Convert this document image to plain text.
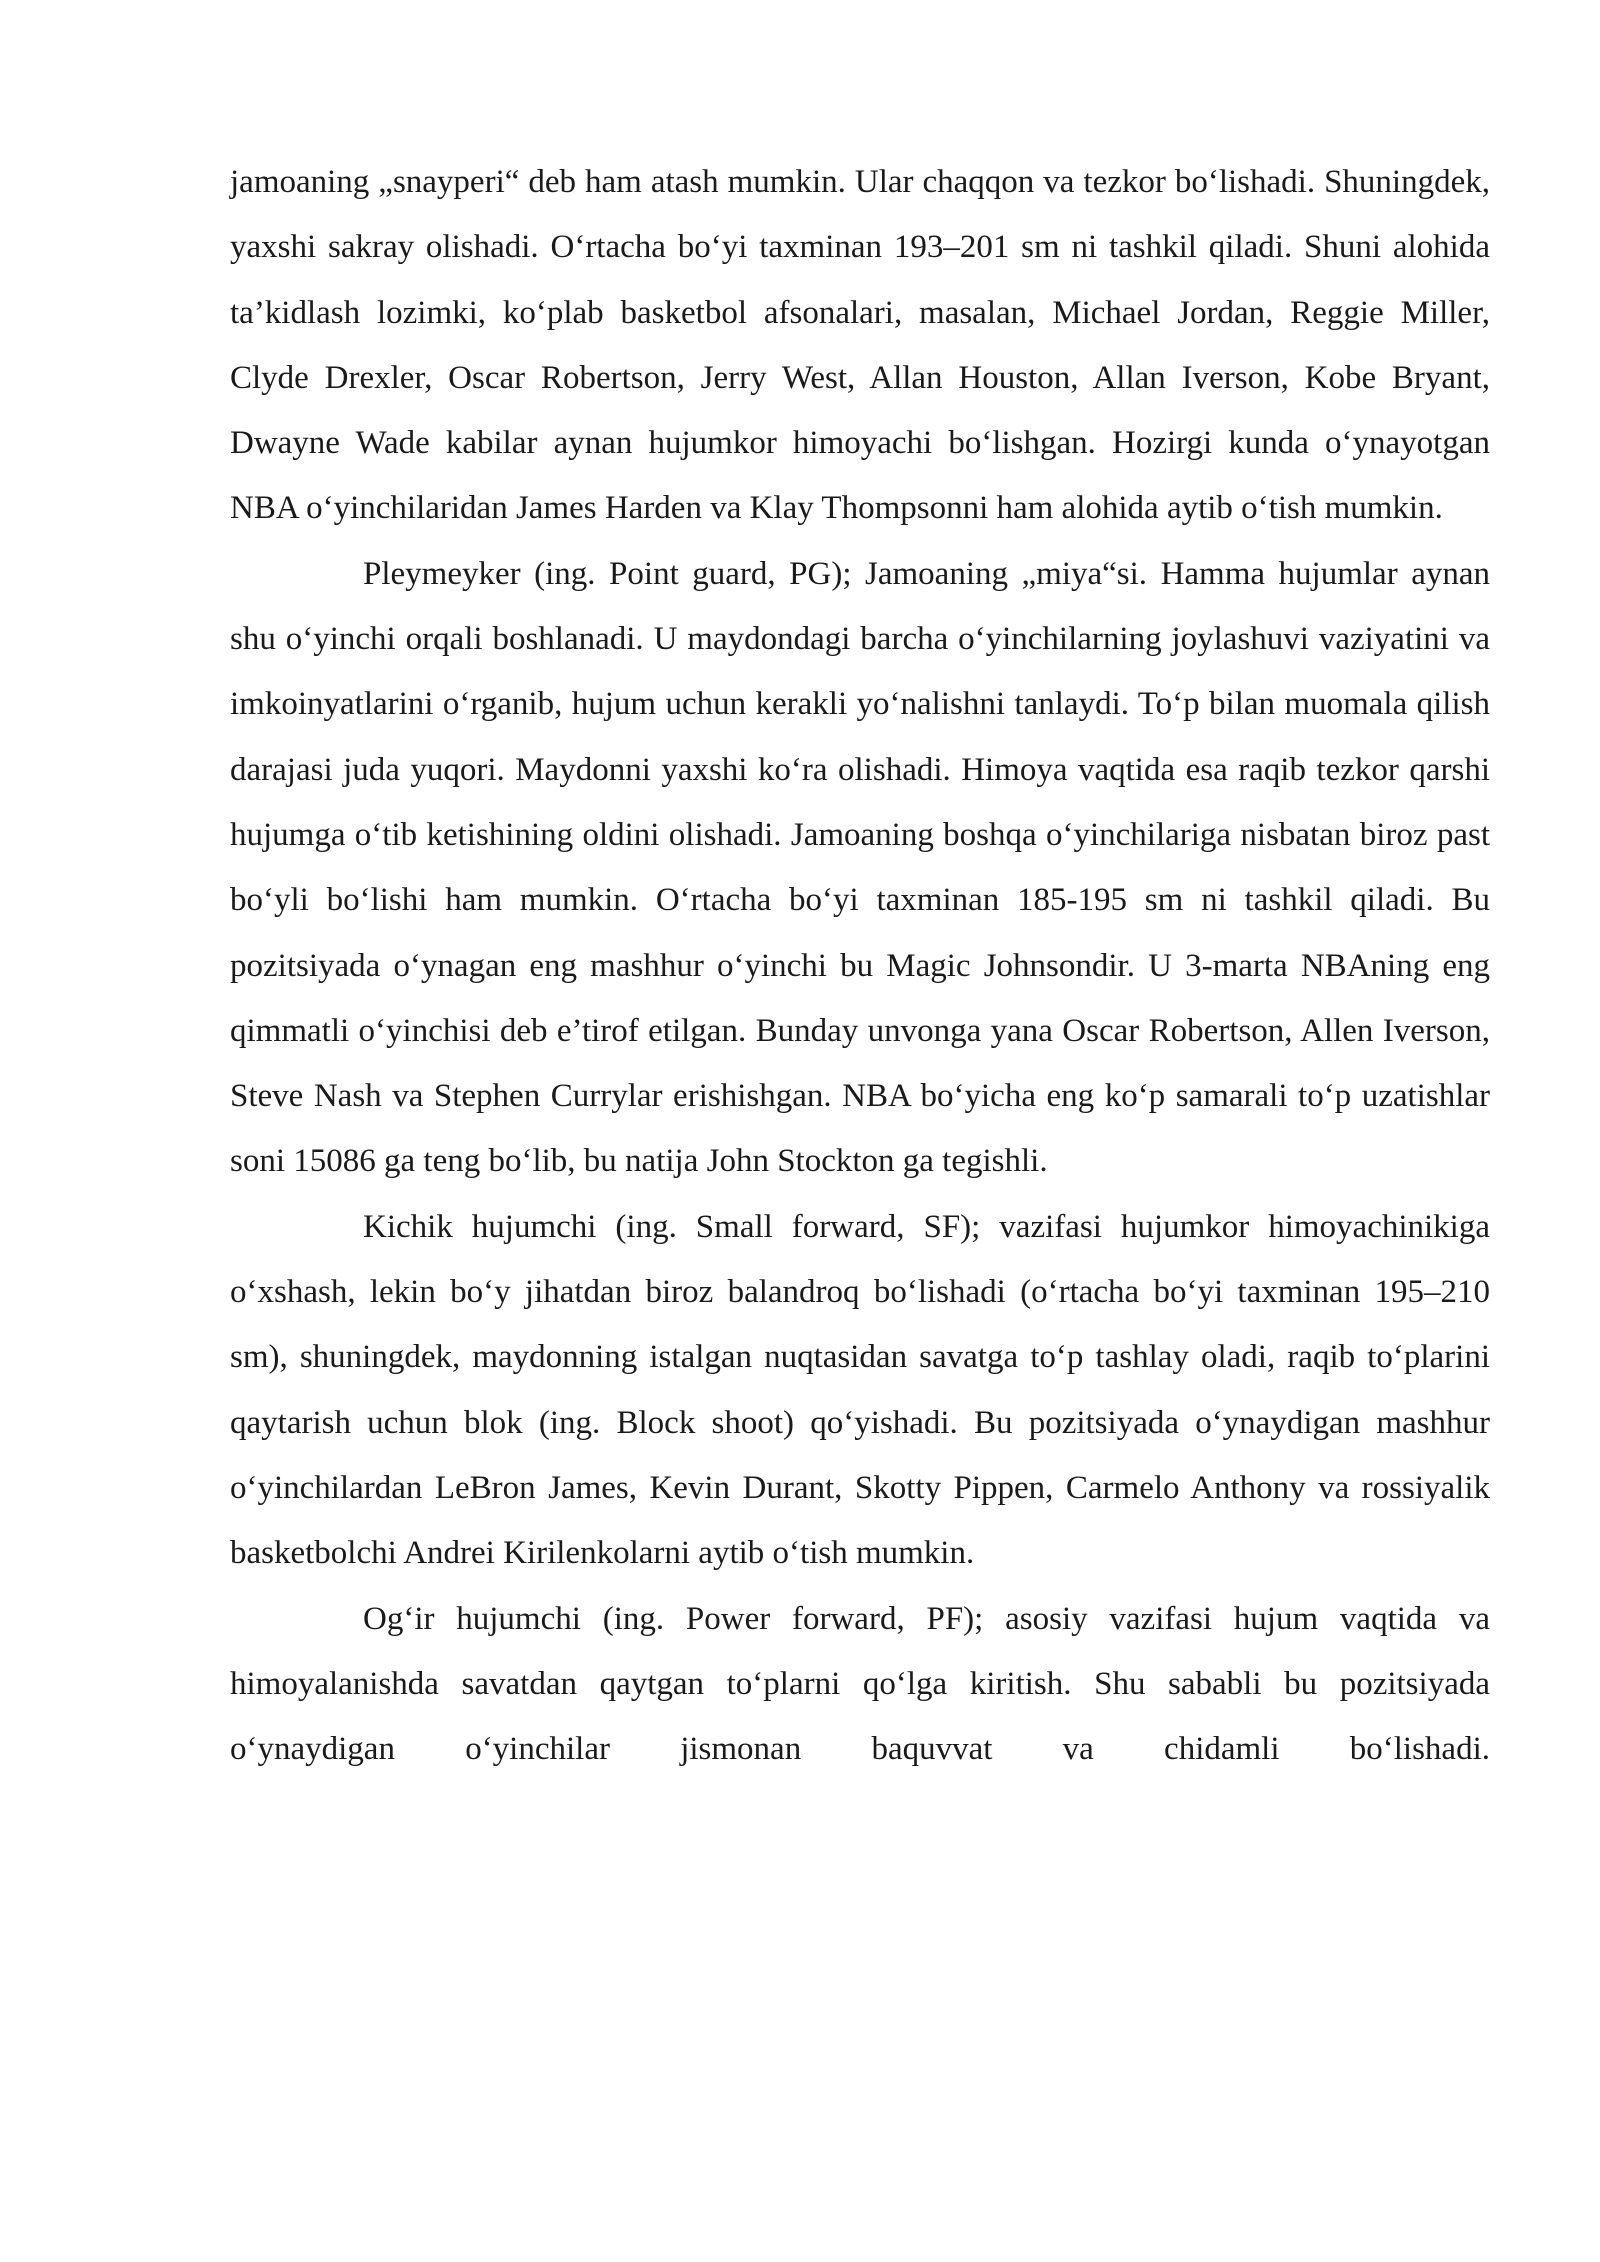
jamoaning „snayperi“ deb ham atash mumkin. Ular chaqqon va tezkor bo‘lishadi. Shuningdek, yaxshi sakray olishadi. O‘rtacha bo‘yi taxminan 193–201 sm ni tashkil qiladi. Shuni alohida ta’kidlash lozimki, ko‘plab basketbol afsonalari, masalan, Michael Jordan, Reggie Miller, Clyde Drexler, Oscar Robertson, Jerry West, Allan Houston, Allan Iverson, Kobe Bryant, Dwayne Wade kabilar aynan hujumkor himoyachi bo‘lishgan. Hozirgi kunda o‘ynayotgan NBA o‘yinchilaridan James Harden va Klay Thompsonni ham alohida aytib o‘tish mumkin.

Pleymeyker (ing. Point guard, PG); Jamoaning „miya“si. Hamma hujumlar aynan shu o‘yinchi orqali boshlanadi. U maydondagi barcha o‘yinchilarning joylashuvi vaziyatini va imkoinyatlarini o‘rganib, hujum uchun kerakli yo‘nalishni tanlaydi. To‘p bilan muomala qilish darajasi juda yuqori. Maydonni yaxshi ko‘ra olishadi. Himoya vaqtida esa raqib tezkor qarshi hujumga o‘tib ketishining oldini olishadi. Jamoaning boshqa o‘yinchilariga nisbatan biroz past bo‘yli bo‘lishi ham mumkin. O‘rtacha bo‘yi taxminan 185-195 sm ni tashkil qiladi. Bu pozitsiyada o‘ynagan eng mashhur o‘yinchi bu Magic Johnsondir. U 3-marta NBAning eng qimmatli o‘yinchisi deb e’tirof etilgan. Bunday unvonga yana Oscar Robertson, Allen Iverson, Steve Nash va Stephen Currylar erishishgan. NBA bo‘yicha eng ko‘p samarali to‘p uzatishlar soni 15086 ga teng bo‘lib, bu natija John Stockton ga tegishli.

Kichik hujumchi (ing. Small forward, SF); vazifasi hujumkor himoyachinikiga o‘xshash, lekin bo‘y jihatdan biroz balandroq bo‘lishadi (o‘rtacha bo‘yi taxminan 195–210 sm), shuningdek, maydonning istalgan nuqtasidan savatga to‘p tashlay oladi, raqib to‘plarini qaytarish uchun blok (ing. Block shoot) qo‘yishadi. Bu pozitsiyada o‘ynaydigan mashhur o‘yinchilardan LeBron James, Kevin Durant, Skotty Pippen, Carmelo Anthony va rossiyalik basketbolchi Andrei Kirilenkolarni aytib o‘tish mumkin.

Og‘ir hujumchi (ing. Power forward, PF); asosiy vazifasi hujum vaqtida va himoyalanishda savatdan qaytgan to‘plarni qo‘lga kiritish. Shu sababli bu pozitsiyada o‘ynaydigan o‘yinchilar jismonan baquvvat va chidamli bo‘lishadi.
